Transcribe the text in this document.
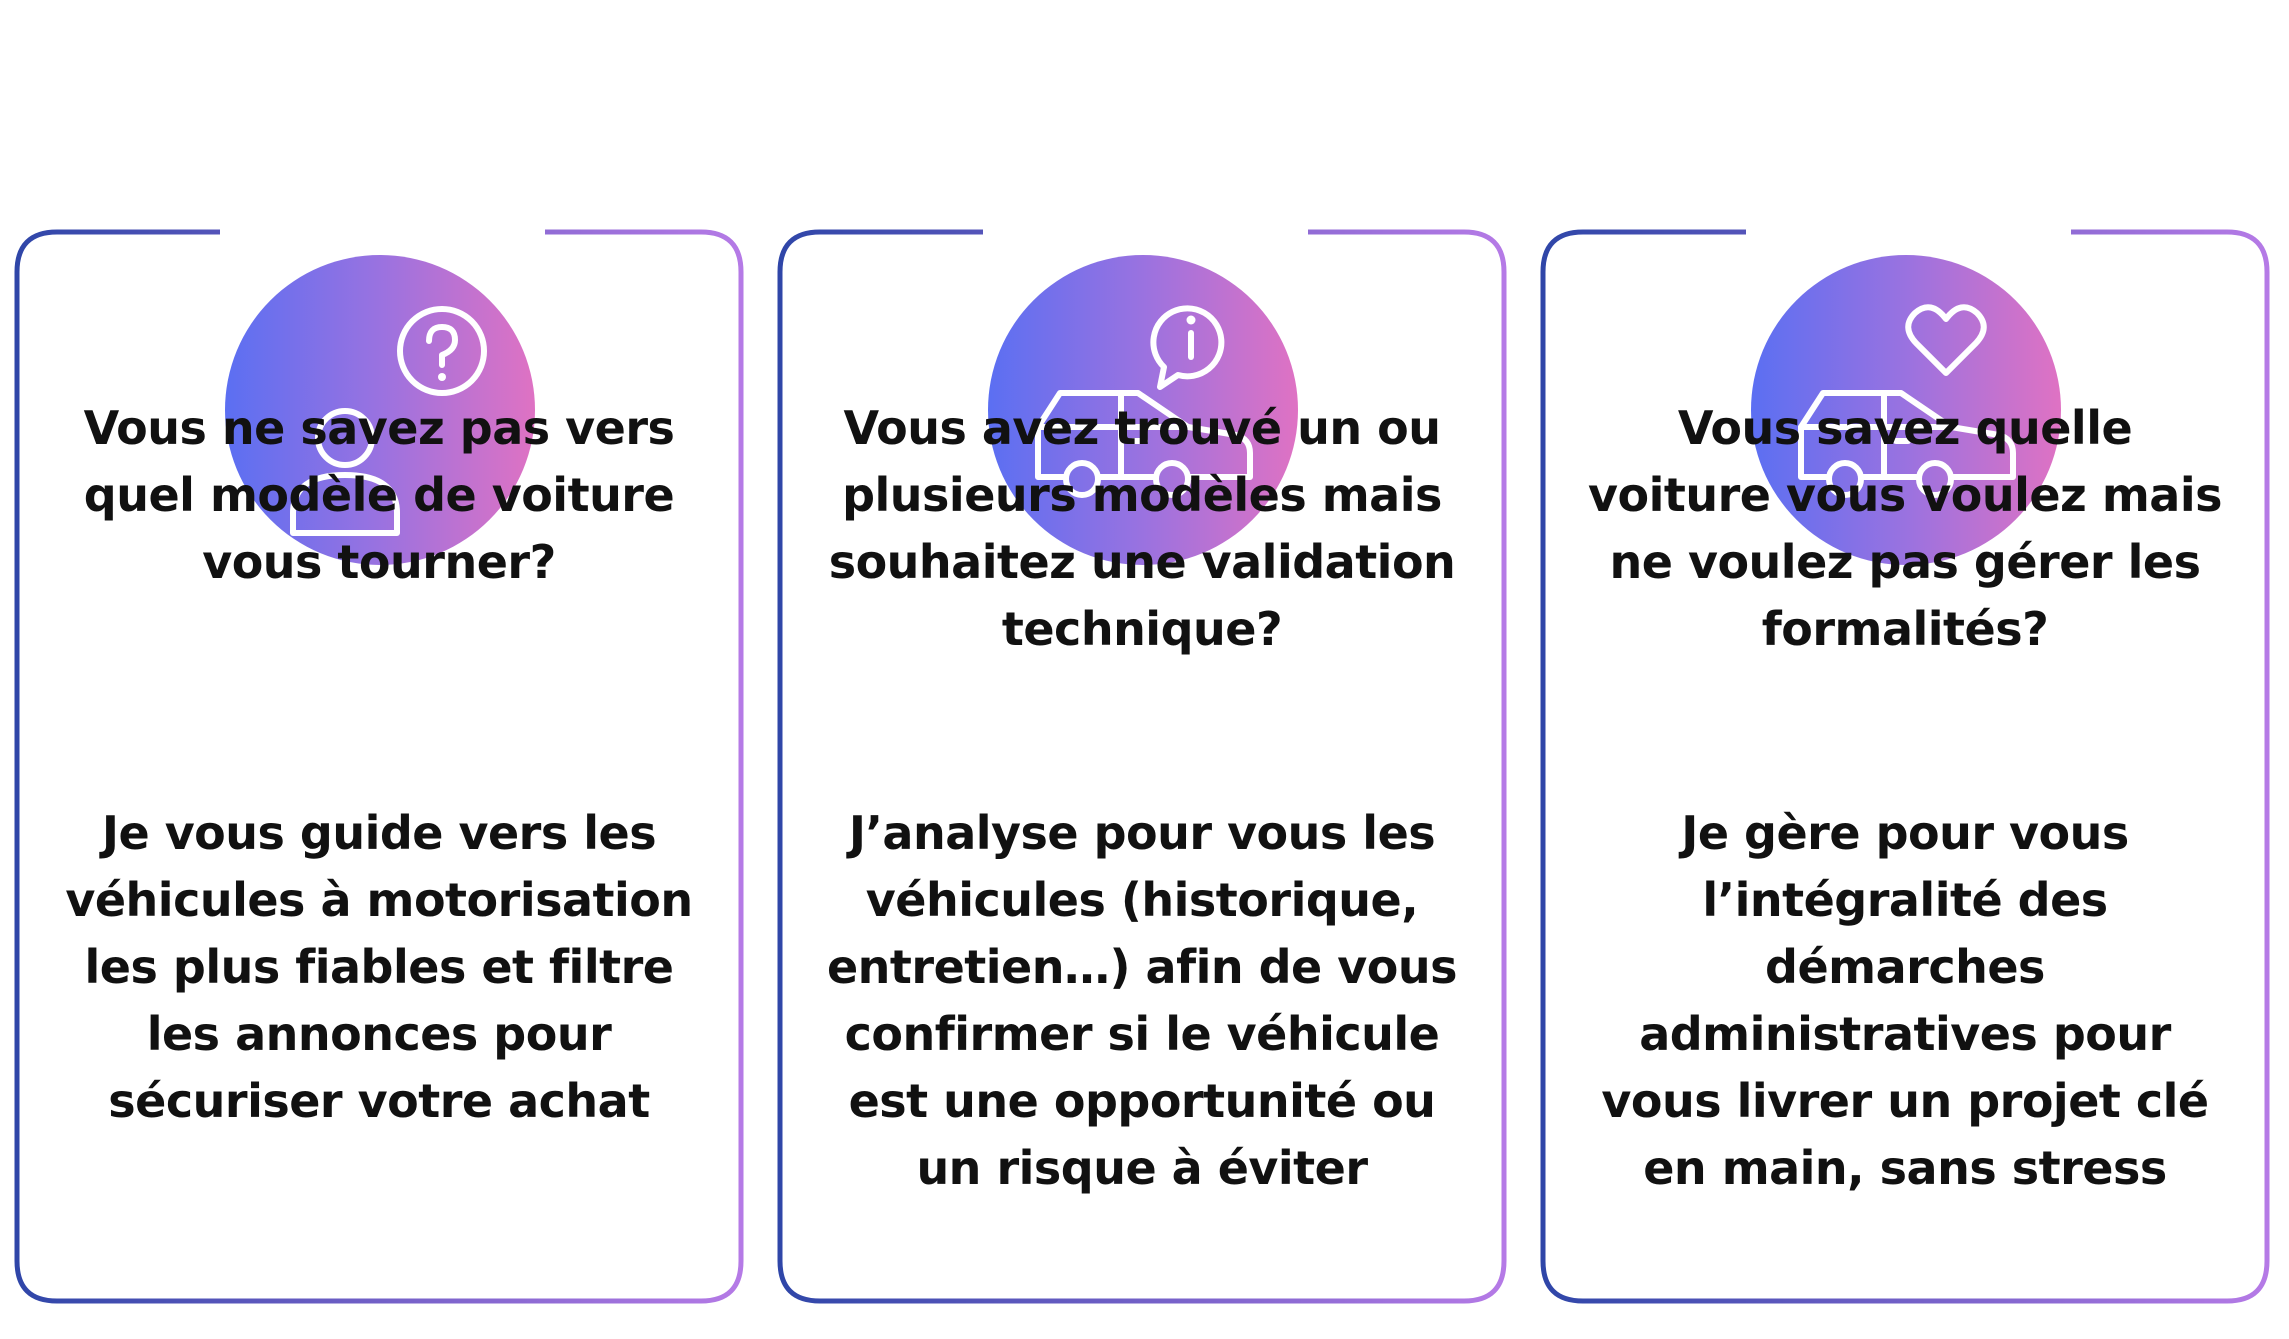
Vous ne savez pas vers quel modèle de voiture vous tourner?
Je vous guide vers les véhicules à motorisation les plus fiables et filtre les annonces pour sécuriser votre achat
Vous avez trouvé un ou plusieurs modèles mais souhaitez une validation technique?
J’analyse pour vous les véhicules (historique, entretien…) afin de vous confirmer si le véhicule est une opportunité ou un risque à éviter
Vous savez quelle voiture vous voulez mais ne voulez pas gérer les formalités?
Je gère pour vous l’intégralité des démarches administratives pour vous livrer un projet clé en main, sans stress
